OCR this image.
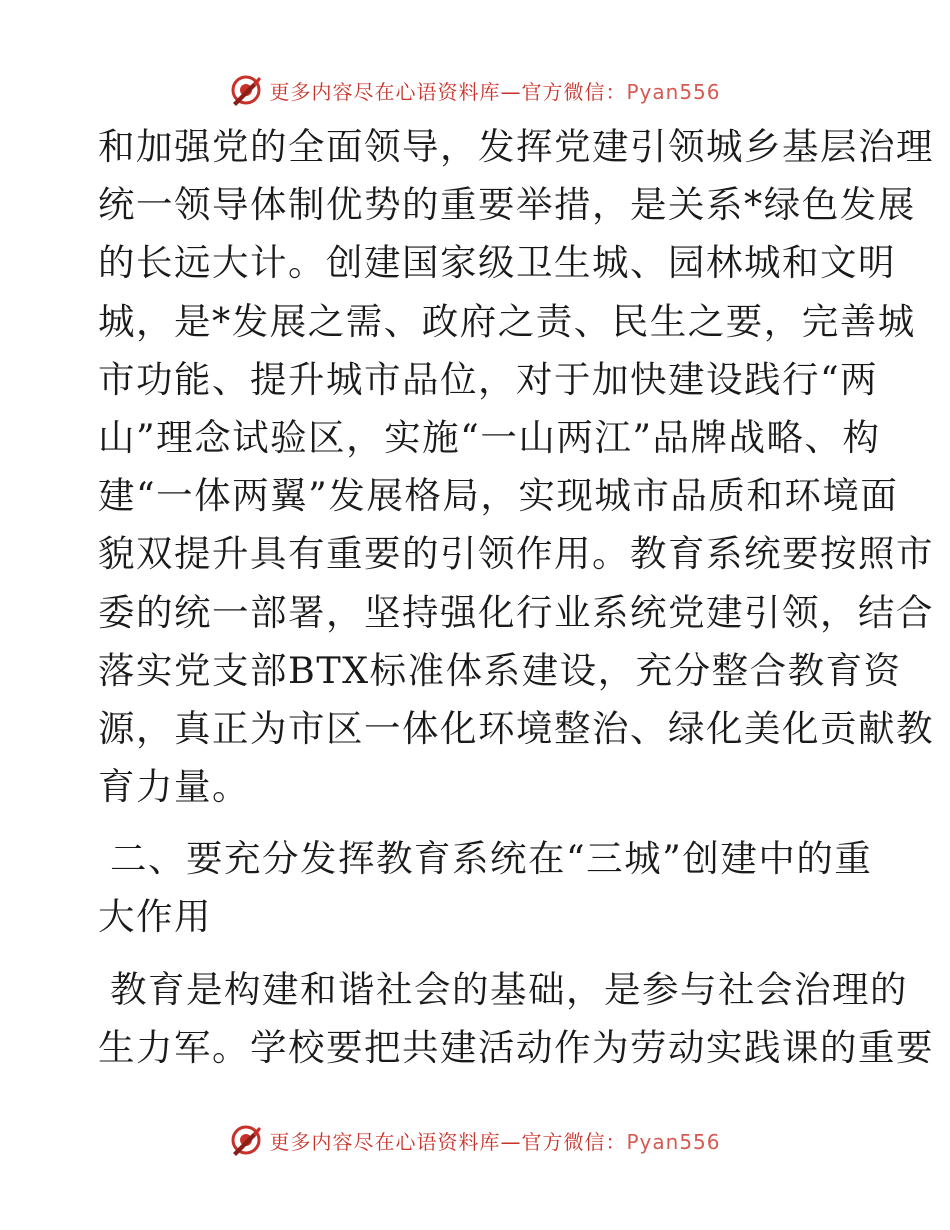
更多内容尽在心语资料库—官方微信：Pyan556
和加强党的全面领导，发挥党建引领城乡基层治理
统一领导体制优势的重要举措，是关系*绿色发展
的长远大计。创建国家级卫生城、园林城和文明
城，是*发展之需、政府之责、民生之要，完善城
市功能、提升城市品位，对于加快建设践行“两
山”理念试验区，实施“一山两江”品牌战略、构
建“一体两翼”发展格局，实现城市品质和环境面
貌双提升具有重要的引领作用。教育系统要按照市
委的统一部署，坚持强化行业系统党建引领，结合
落实党支部BTX标准体系建设，充分整合教育资
源，真正为市区一体化环境整治、绿化美化贡献教
育力量。
二、要充分发挥教育系统在“三城”创建中的重
大作用
教育是构建和谐社会的基础，是参与社会治理的
生力军。学校要把共建活动作为劳动实践课的重要
更多内容尽在心语资料库—官方微信：Pyan556
